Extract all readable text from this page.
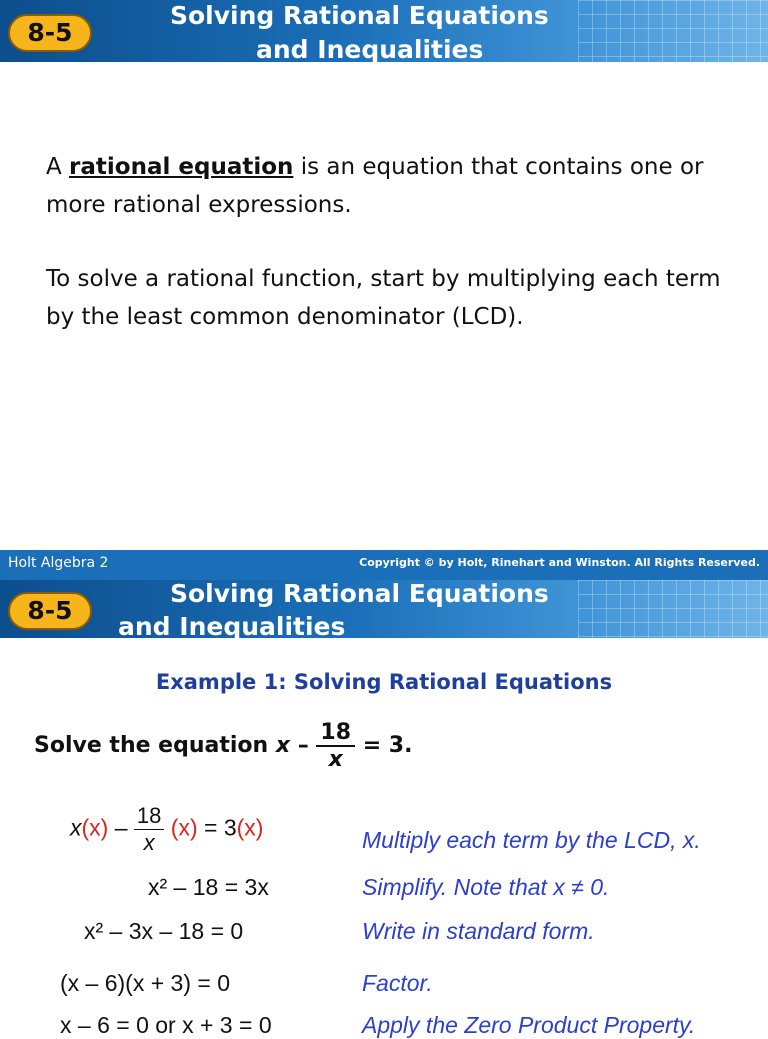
8-5
Solving Rational Equations
and Inequalities
A rational equation is an equation that contains one or more rational expressions.
To solve a rational function, start by multiplying each term by the least common denominator (LCD).
Holt Algebra 2	Copyright © by Holt, Rinehart and Winston. All Rights Reserved.
8-5
Solving Rational Equations
and Inequalities
Example 1: Solving Rational Equations
Solve the equation $x - \frac{18}{x} = 3$.
$x(x) - \frac{18}{x} (x) = 3(x)$	Multiply each term by the LCD, x.
x² – 18 = 3x	Simplify. Note that x ≠ 0.
x² – 3x – 18 = 0	Write in standard form.
(x – 6)(x + 3) = 0	Factor.
x – 6 = 0 or x + 3 = 0	Apply the Zero Product Property.
